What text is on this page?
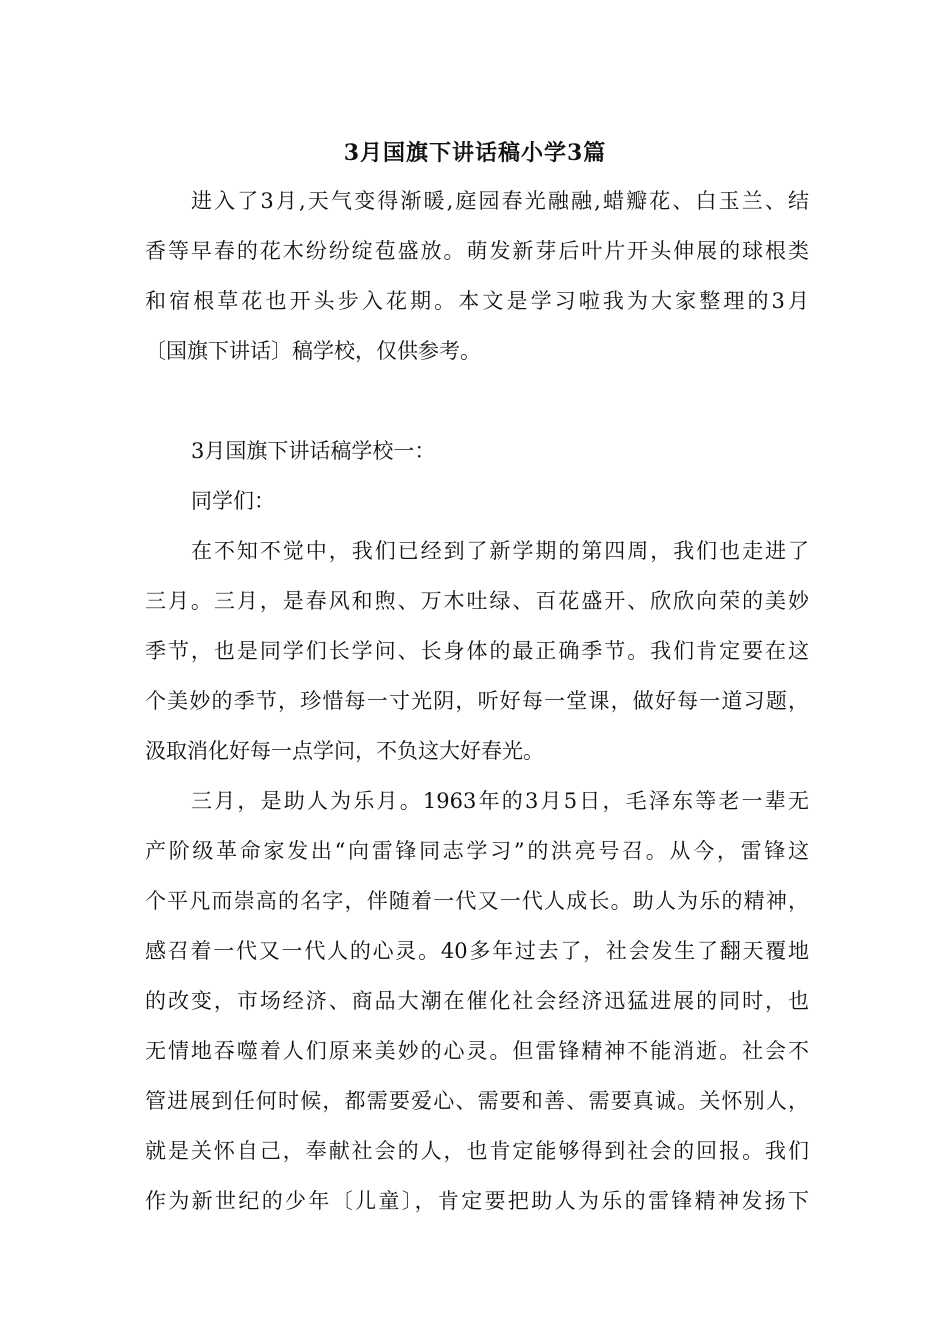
3月国旗下讲话稿小学3篇
进入了3月,天气变得渐暖,庭园春光融融,蜡瓣花、白玉兰、结
香等早春的花木纷纷绽苞盛放。萌发新芽后叶片开头伸展的球根类
和宿根草花也开头步入花期。本文是学习啦我为大家整理的3月
〔国旗下讲话〕稿学校，仅供参考。
3月国旗下讲话稿学校一：
同学们：
在不知不觉中，我们已经到了新学期的第四周，我们也走进了
三月。三月，是春风和煦、万木吐绿、百花盛开、欣欣向荣的美妙
季节，也是同学们长学问、长身体的最正确季节。我们肯定要在这
个美妙的季节，珍惜每一寸光阴，听好每一堂课，做好每一道习题，
汲取消化好每一点学问，不负这大好春光。
三月，是助人为乐月。1963年的3月5日，毛泽东等老一辈无
产阶级革命家发出“向雷锋同志学习”的洪亮号召。从今，雷锋这
个平凡而崇高的名字，伴随着一代又一代人成长。助人为乐的精神，
感召着一代又一代人的心灵。40多年过去了，社会发生了翻天覆地
的改变，市场经济、商品大潮在催化社会经济迅猛进展的同时，也
无情地吞噬着人们原来美妙的心灵。但雷锋精神不能消逝。社会不
管进展到任何时候，都需要爱心、需要和善、需要真诚。关怀别人，
就是关怀自己，奉献社会的人，也肯定能够得到社会的回报。我们
作为新世纪的少年〔儿童〕，肯定要把助人为乐的雷锋精神发扬下
